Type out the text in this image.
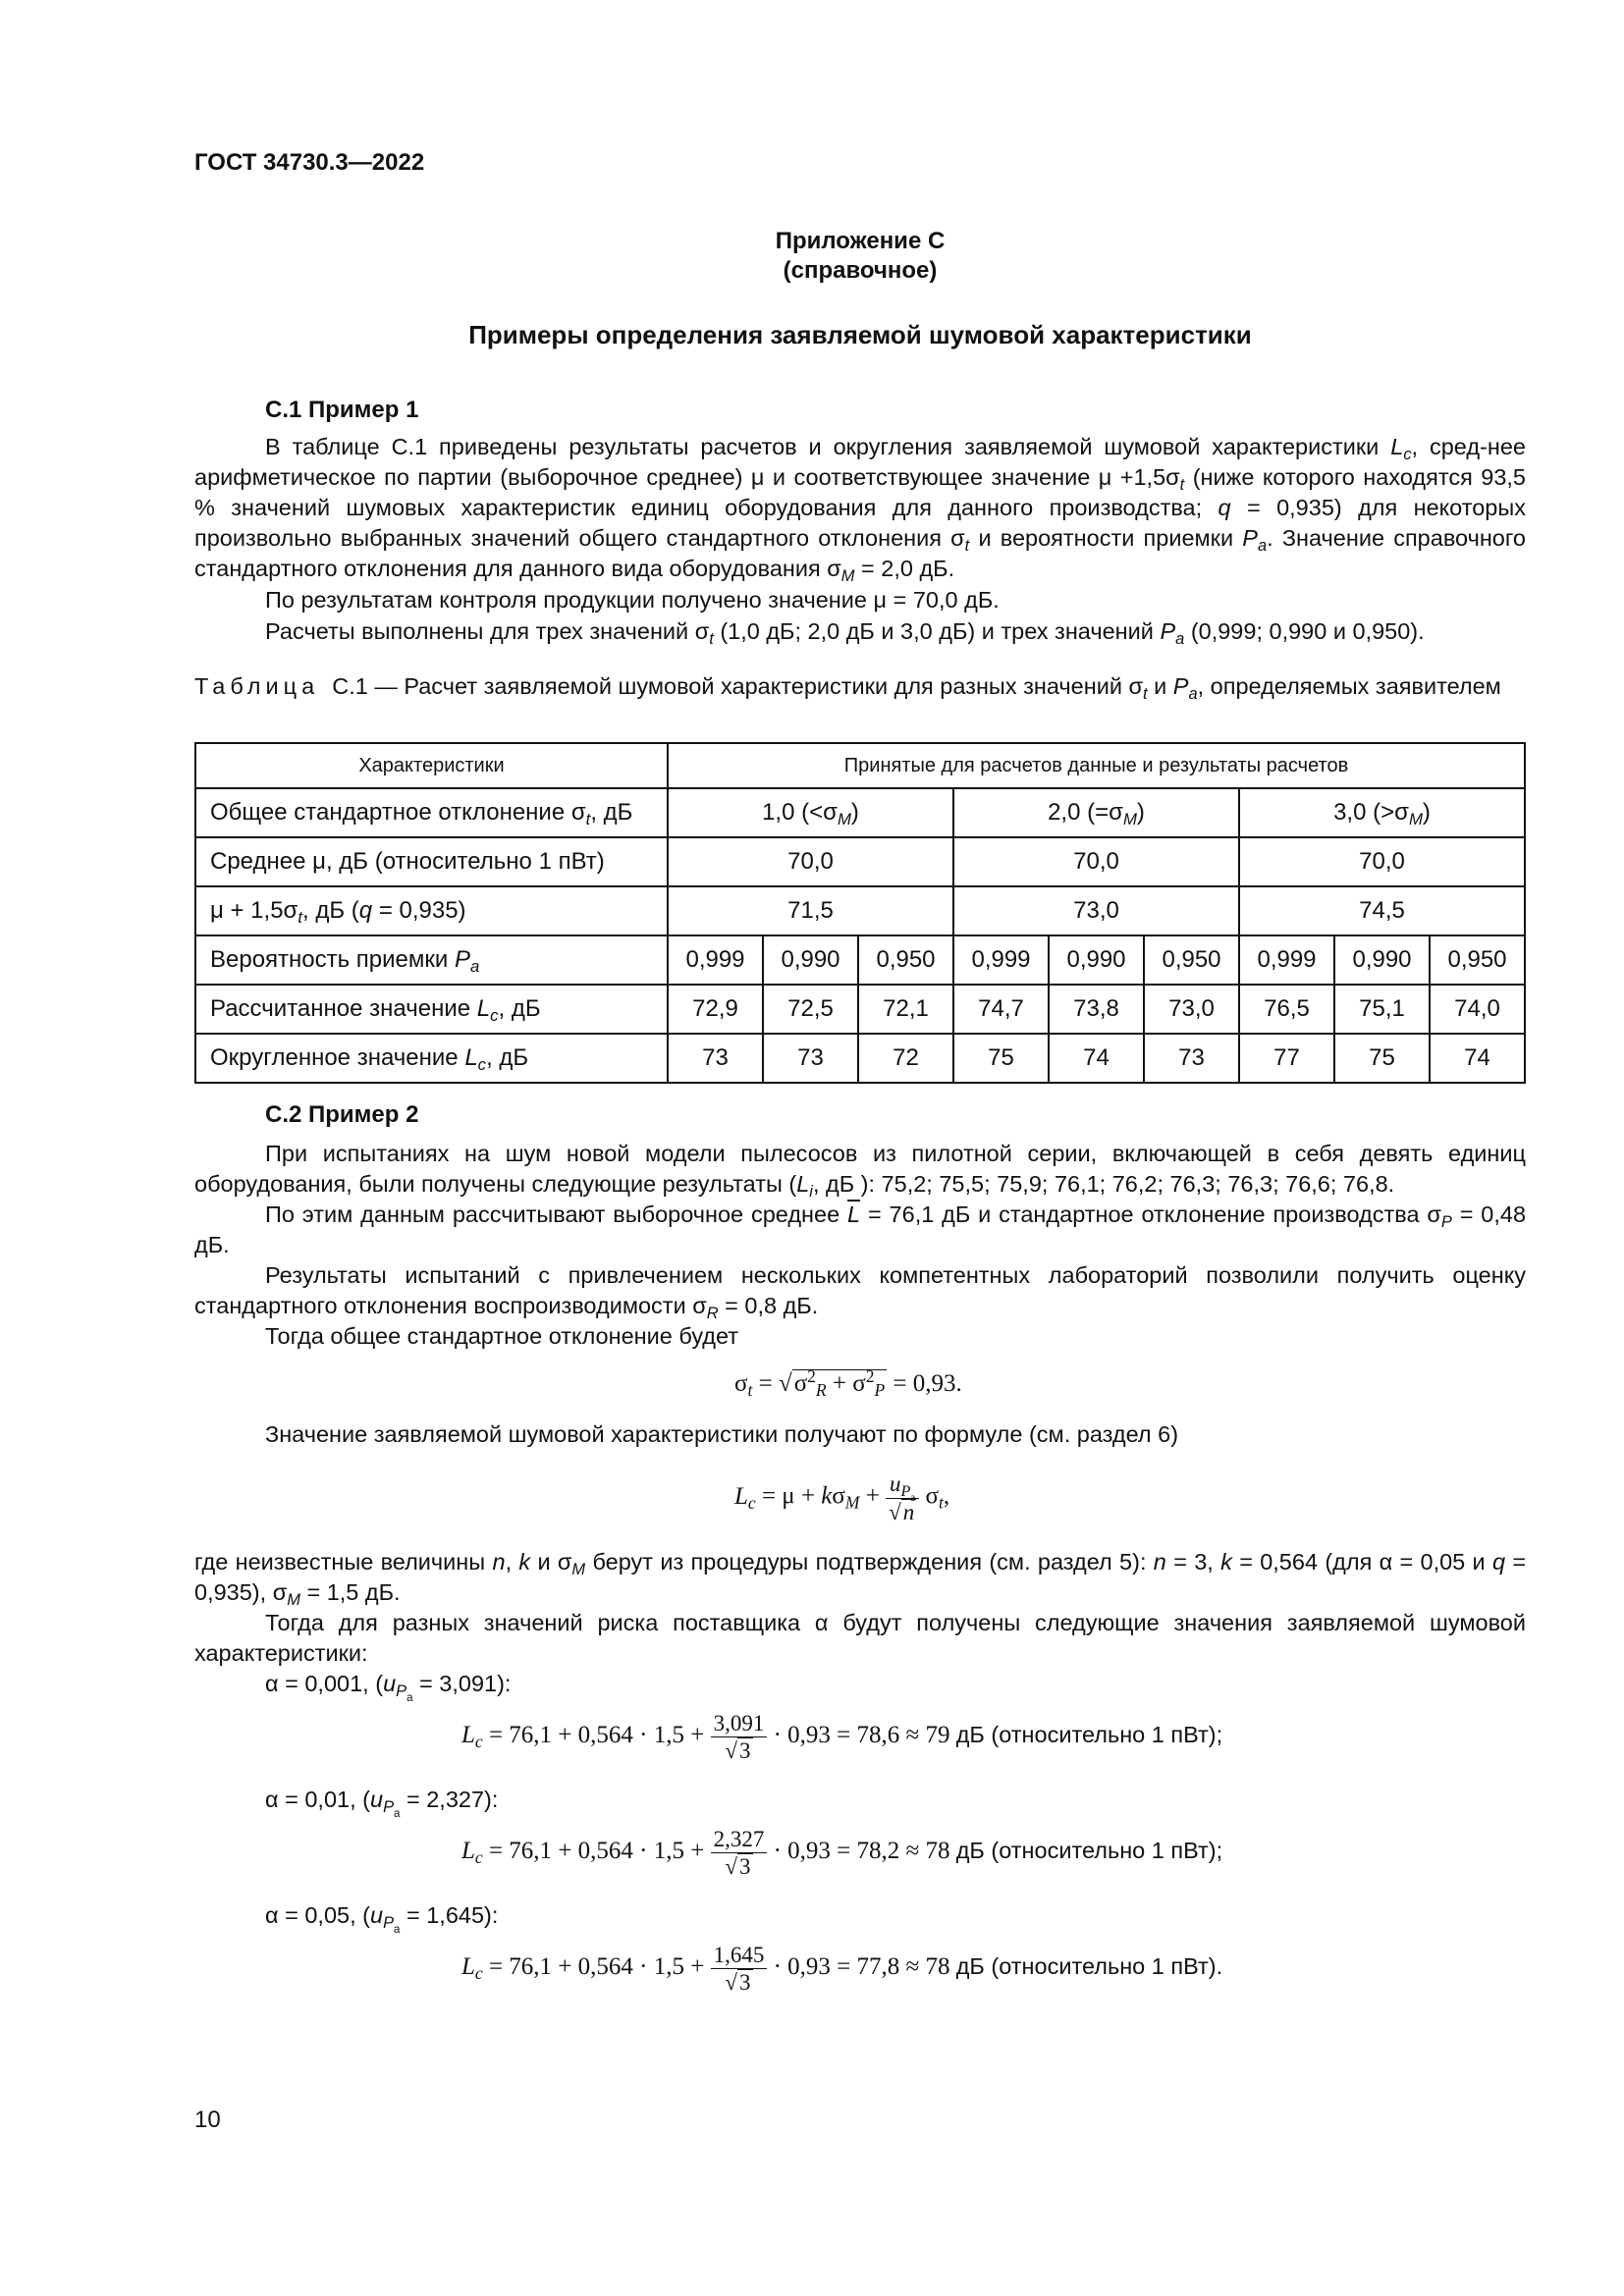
ГОСТ 34730.3—2022
Приложение С
(справочное)
Примеры определения заявляемой шумовой характеристики
С.1 Пример 1

В таблице С.1 приведены результаты расчетов и округления заявляемой шумовой характеристики $L_c$, сред-нее арифметическое по партии (выборочное среднее) μ и соответствующее значение $\mu +1,5\sigma_t$ (ниже которого находятся 93,5 % значений шумовых характеристик единиц оборудования для данного производства; q = 0,935) для некоторых произвольно выбранных значений общего стандартного отклонения $\sigma_t$ и вероятности приемки $P_a$. Значение справочного стандартного отклонения для данного вида оборудования $\sigma_M = 2,0$ дБ.

По результатам контроля продукции получено значение μ = 70,0 дБ.

Расчеты выполнены для трех значений $\sigma_t$ (1,0 дБ; 2,0 дБ и 3,0 дБ) и трех значений $P_a$ (0,999; 0,990 и 0,950).

Таблица С.1 — Расчет заявляемой шумовой характеристики для разных значений $\sigma_t$ и $P_a$, определяемых заявителем

Характеристики	Принятые для расчетов данные и результаты расчетов								
Общее стандартное отклонение $\sigma_t$, дБ	1,0 $(<\sigma_M)$			2,0 $(=\sigma_M)$			3,0 $(>\sigma_M)$		
Среднее μ, дБ (относительно 1 пВт)	70,0			70,0			70,0		
$\mu + 1,5\sigma_t$, дБ (q = 0,935)	71,5			73,0			74,5		
Вероятность приемки $P_a$	0,999	0,990	0,950	0,999	0,990	0,950	0,999	0,990	0,950
Рассчитанное значение $L_c$, дБ	72,9	72,5	72,1	74,7	73,8	73,0	76,5	75,1	74,0
Округленное значение $L_c$, дБ	73	73	72	75	74	73	77	75	74
С.2 Пример 2

При испытаниях на шум новой модели пылесосов из пилотной серии, включающей в себя девять единиц оборудования, были получены следующие результаты ($L_i$, дБ ): 75,2; 75,5; 75,9; 76,1; 76,2; 76,3; 76,3; 76,6; 76,8.

По этим данным рассчитывают выборочное среднее $\overline{L} = 76,1$ дБ и стандартное отклонение производства $\sigma_P = 0,48$ дБ.

Результаты испытаний с привлечением нескольких компетентных лабораторий позволили получить оценку стандартного отклонения воспроизводимости $\sigma_R = 0,8$ дБ.

Тогда общее стандартное отклонение будет

$\sigma_t = √\sigma^2_R + \sigma^2_P = 0,93$.

Значение заявляемой шумовой характеристики получают по формуле (см. раздел 6)

$L_c = \mu + k\sigma_M + \frac{u_{P_a}}{√n} \sigma_t$,

где неизвестные величины n, k и $\sigma_M$ берут из процедуры подтверждения (см. раздел 5): n = 3, k = 0,564 (для α = 0,05 и q = 0,935), $\sigma_M = 1,5$ дБ.

Тогда для разных значений риска поставщика α будут получены следующие значения заявляемой шумовой характеристики:

α = 0,001, $(u_{P_a} = 3,091)$:

$L_c = 76,1 + 0,564 \cdot 1,5 + \frac{3,091}{√3} \cdot 0,93 = 78,6 \approx 79$ дБ (относительно 1 пВт);

α = 0,01, $(u_{P_a} = 2,327)$:

$L_c = 76,1 + 0,564 \cdot 1,5 + \frac{2,327}{√3} \cdot 0,93 = 78,2 \approx 78$ дБ (относительно 1 пВт);

α = 0,05, $(u_{P_a} = 1,645)$:

$L_c = 76,1 + 0,564 \cdot 1,5 + \frac{1,645}{√3} \cdot 0,93 = 77,8 \approx 78$ дБ (относительно 1 пВт).
10
